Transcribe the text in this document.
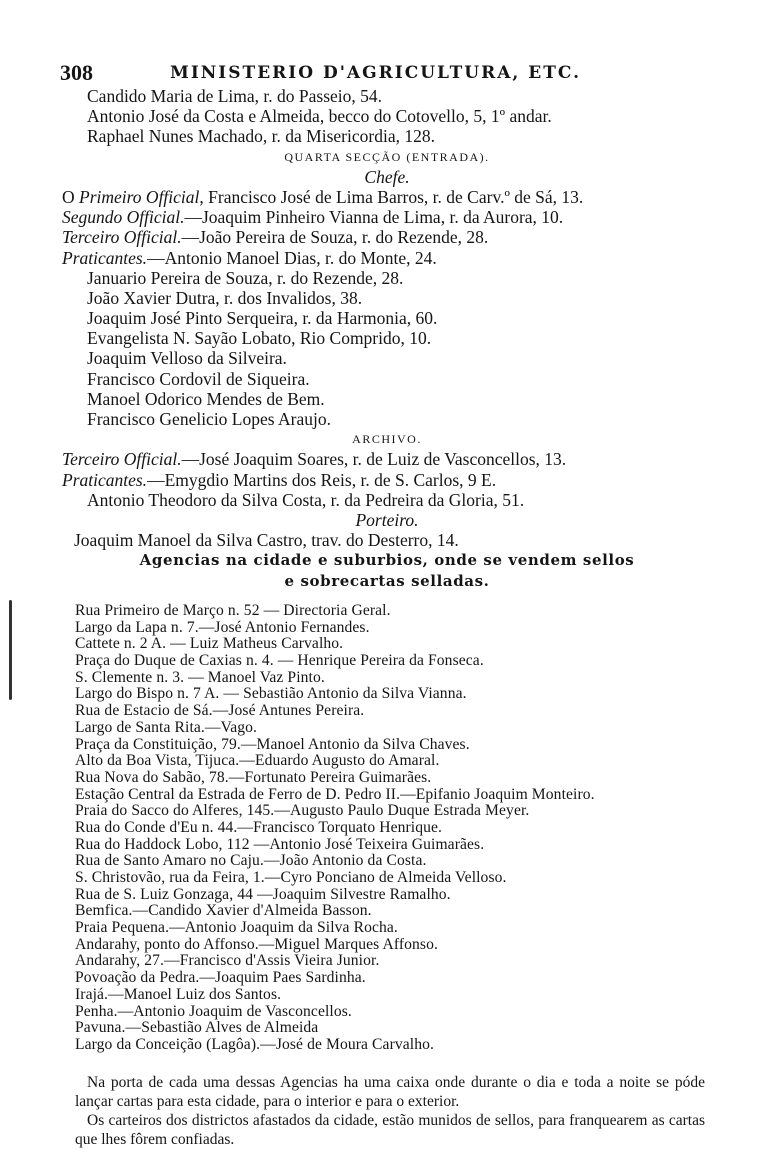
308	MINISTERIO D'AGRICULTURA, ETC.
Candido Maria de Lima, r. do Passeio, 54.
Antonio José da Costa e Almeida, becco do Cotovello, 5, 1º andar.
Raphael Nunes Machado, r. da Misericordia, 128.
QUARTA SECÇÃO (ENTRADA).
Chefe.
O Primeiro Official, Francisco José de Lima Barros, r. de Carv.º de Sá, 13.
Segundo Official.—Joaquim Pinheiro Vianna de Lima, r. da Aurora, 10.
Terceiro Official.—João Pereira de Souza, r. do Rezende, 28.
Praticantes.—Antonio Manoel Dias, r. do Monte, 24.
Januario Pereira de Souza, r. do Rezende, 28.
João Xavier Dutra, r. dos Invalidos, 38.
Joaquim José Pinto Serqueira, r. da Harmonia, 60.
Evangelista N. Sayão Lobato, Rio Comprido, 10.
Joaquim Velloso da Silveira.
Francisco Cordovil de Siqueira.
Manoel Odorico Mendes de Bem.
Francisco Genelicio Lopes Araujo.
ARCHIVO.
Terceiro Official.—José Joaquim Soares, r. de Luiz de Vasconcellos, 13.
Praticantes.—Emygdio Martins dos Reis, r. de S. Carlos, 9 E.
Antonio Theodoro da Silva Costa, r. da Pedreira da Gloria, 51.
Porteiro.
Joaquim Manoel da Silva Castro, trav. do Desterro, 14.
Agencias na cidade e suburbios, onde se vendem sellos
e sobrecartas selladas.
Rua Primeiro de Março n. 52 — Directoria Geral.
Largo da Lapa n. 7.—José Antonio Fernandes.
Cattete n. 2 A. — Luiz Matheus Carvalho.
Praça do Duque de Caxias n. 4. — Henrique Pereira da Fonseca.
S. Clemente n. 3. — Manoel Vaz Pinto.
Largo do Bispo n. 7 A. — Sebastião Antonio da Silva Vianna.
Rua de Estacio de Sá.—José Antunes Pereira.
Largo de Santa Rita.—Vago.
Praça da Constituição, 79.—Manoel Antonio da Silva Chaves.
Alto da Boa Vista, Tijuca.—Eduardo Augusto do Amaral.
Rua Nova do Sabão, 78.—Fortunato Pereira Guimarães.
Estação Central da Estrada de Ferro de D. Pedro II.—Epifanio Joaquim Monteiro.
Praia do Sacco do Alferes, 145.—Augusto Paulo Duque Estrada Meyer.
Rua do Conde d'Eu n. 44.—Francisco Torquato Henrique.
Rua do Haddock Lobo, 112 —Antonio José Teixeira Guimarães.
Rua de Santo Amaro no Caju.—João Antonio da Costa.
S. Christovão, rua da Feira, 1.—Cyro Ponciano de Almeida Velloso.
Rua de S. Luiz Gonzaga, 44 —Joaquim Silvestre Ramalho.
Bemfica.—Candido Xavier d'Almeida Basson.
Praia Pequena.—Antonio Joaquim da Silva Rocha.
Andarahy, ponto do Affonso.—Miguel Marques Affonso.
Andarahy, 27.—Francisco d'Assis Vieira Junior.
Povoação da Pedra.—Joaquim Paes Sardinha.
Irajá.—Manoel Luiz dos Santos.
Penha.—Antonio Joaquim de Vasconcellos.
Pavuna.—Sebastião Alves de Almeida
Largo da Conceição (Lagôa).—José de Moura Carvalho.

Na porta de cada uma dessas Agencias ha uma caixa onde durante o dia e toda a noite se póde lançar cartas para esta cidade, para o interior e para o exterior.

Os carteiros dos districtos afastados da cidade, estão munidos de sellos, para franquearem as cartas que lhes fôrem confiadas.
